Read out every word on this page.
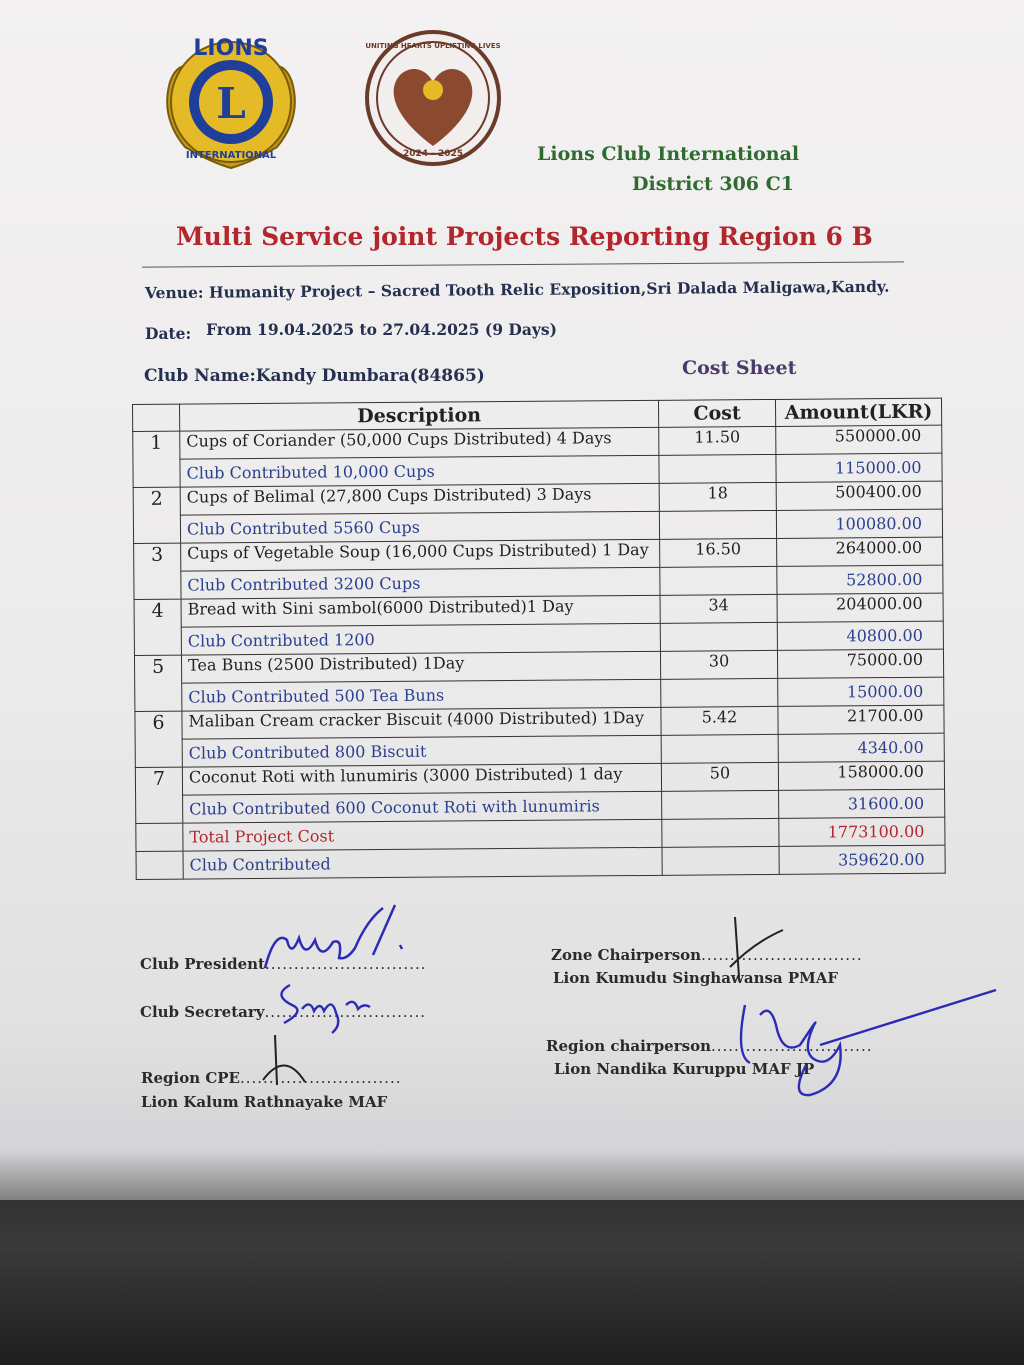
L
LIONS
INTERNATIONAL
UNITING HEARTS UPLIFTING LIVES
2024 - 2025	Lions Club International
District 306 C1
Multi Service joint Projects Reporting Region 6 B
Venue: Humanity Project – Sacred Tooth Relic Exposition,Sri Dalada Maligawa,Kandy.
Date: From 19.04.2025 to 27.04.2025 (9 Days)
Club Name:Kandy Dumbara(84865)	Cost Sheet
	Description	Cost	Amount(LKR)
1	Cups of Coriander (50,000 Cups Distributed) 4 Days	11.50	550000.00
	Club Contributed 10,000 Cups		115000.00
2	Cups of Belimal (27,800 Cups Distributed) 3 Days	18	500400.00
	Club Contributed 5560 Cups		100080.00
3	Cups of Vegetable Soup (16,000 Cups Distributed) 1 Day	16.50	264000.00
	Club Contributed 3200 Cups		52800.00
4	Bread with Sini sambol(6000 Distributed)1 Day	34	204000.00
	Club Contributed 1200		40800.00
5	Tea Buns (2500 Distributed) 1Day	30	75000.00
	Club Contributed 500 Tea Buns		15000.00
6	Maliban Cream cracker Biscuit (4000 Distributed) 1Day	5.42	21700.00
	Club Contributed 800 Biscuit		4340.00
7	Coconut Roti with lunumiris (3000 Distributed) 1 day	50	158000.00
	Club Contributed 600 Coconut Roti with lunumiris		31600.00
	Total Project Cost		1773100.00
	Club Contributed		359620.00
Club President............................
Club Secretary............................
Region CPE............................
Lion Kalum Rathnayake MAF
Zone Chairperson............................
Lion Kumudu Singhawansa PMAF
Region chairperson............................
Lion Nandika Kuruppu MAF JP
